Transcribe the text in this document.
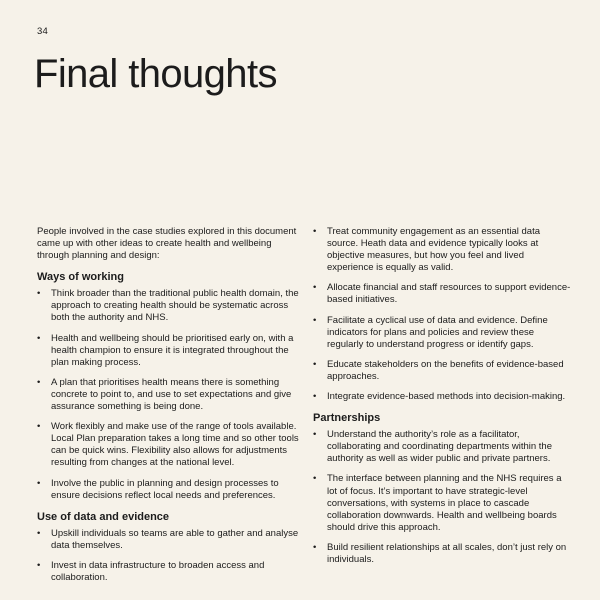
34
Final thoughts

People involved in the case studies explored in this document came up with other ideas to create health and wellbeing through planning and design:

Ways of working
• Think broader than the traditional public health domain, the approach to creating health should be systematic across both the authority and NHS.
• Health and wellbeing should be prioritised early on, with a health champion to ensure it is integrated throughout the plan making process.
• A plan that prioritises health means there is something concrete to point to, and use to set expectations and give assurance something is being done.
• Work flexibly and make use of the range of tools available. Local Plan preparation takes a long time and so other tools can be quick wins. Flexibility also allows for adjustments resulting from changes at the national level.
• Involve the public in planning and design processes to ensure decisions reflect local needs and preferences.
Use of data and evidence
• Upskill individuals so teams are able to gather and analyse data themselves.
• Invest in data infrastructure to broaden access and collaboration.
• Treat community engagement as an essential data source. Heath data and evidence typically looks at objective measures, but how you feel and lived experience is equally as valid.
• Allocate financial and staff resources to support evidence-based initiatives.
• Facilitate a cyclical use of data and evidence. Define indicators for plans and policies and review these regularly to understand progress or identify gaps.
• Educate stakeholders on the benefits of evidence-based approaches.
• Integrate evidence-based methods into decision-making.
Partnerships
• Understand the authority’s role as a facilitator, collaborating and coordinating departments within the authority as well as wider public and private partners.
• The interface between planning and the NHS requires a lot of focus. It’s important to have strategic-level conversations, with systems in place to cascade collaboration downwards. Health and wellbeing boards should drive this approach.
• Build resilient relationships at all scales, don’t just rely on individuals.
